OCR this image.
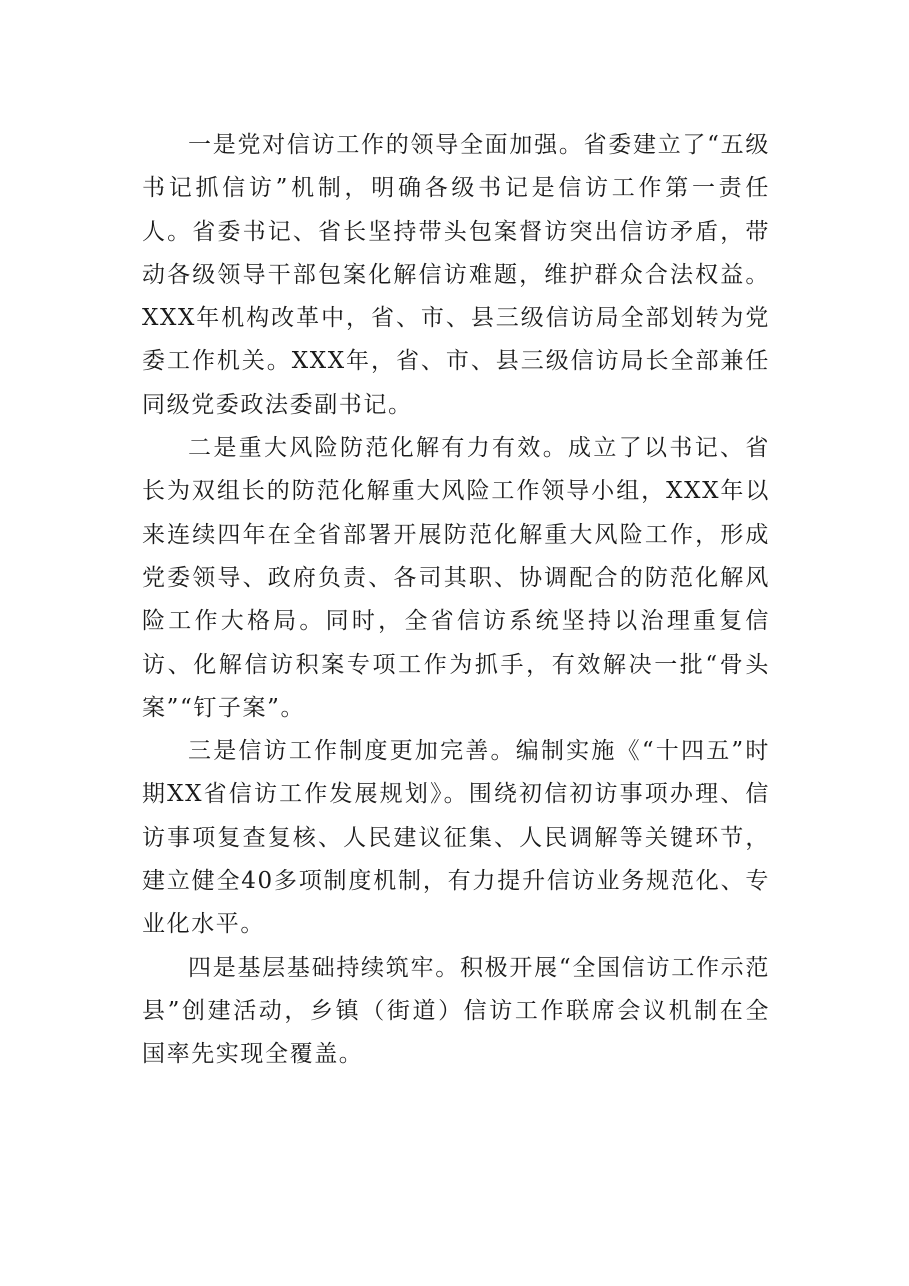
一是党对信访工作的领导全面加强。省委建立了“五级书记抓信访”机制，明确各级书记是信访工作第一责任人。省委书记、省长坚持带头包案督访突出信访矛盾，带动各级领导干部包案化解信访难题，维护群众合法权益。XXX年机构改革中，省、市、县三级信访局全部划转为党委工作机关。XXX年，省、市、县三级信访局长全部兼任同级党委政法委副书记。

二是重大风险防范化解有力有效。成立了以书记、省长为双组长的防范化解重大风险工作领导小组，XXX年以来连续四年在全省部署开展防范化解重大风险工作，形成党委领导、政府负责、各司其职、协调配合的防范化解风险工作大格局。同时，全省信访系统坚持以治理重复信访、化解信访积案专项工作为抓手，有效解决一批“骨头案”“钉子案”。

三是信访工作制度更加完善。编制实施《“十四五”时期XX省信访工作发展规划》。围绕初信初访事项办理、信访事项复查复核、人民建议征集、人民调解等关键环节，建立健全40多项制度机制，有力提升信访业务规范化、专业化水平。

四是基层基础持续筑牢。积极开展“全国信访工作示范县”创建活动，乡镇（街道）信访工作联席会议机制在全国率先实现全覆盖。
